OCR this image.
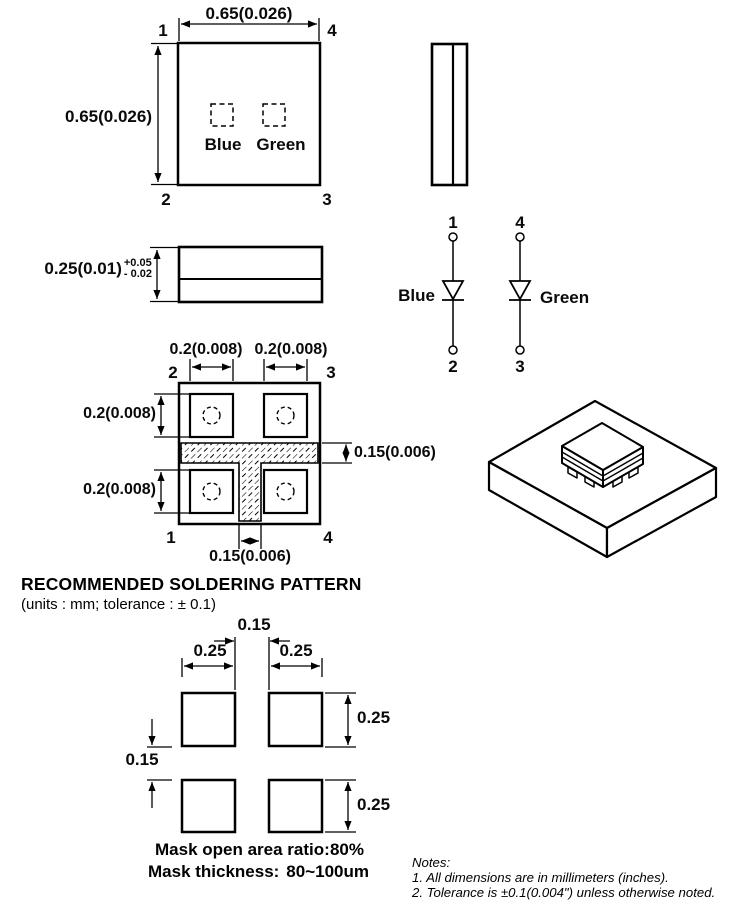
0.65(0.026)
0.65(0.026)
1	4
2	3
Blue Green
0.25(0.01) +0.05
- 0.02
1	4
2	3
Blue	Green
0.2(0.008) 0.2(0.008)
2	3
0.2(0.008)
0.2(0.008)
0.15(0.006)
0.15(0.006)
1	4
RECOMMENDED SOLDERING PATTERN
(units : mm; tolerance : ± 0.1)
0.15
0.25	0.25
0.25
0.25
0.15
Mask open area ratio: 80%
Mask thickness: 80~100um	Notes:
1. All dimensions are in millimeters (inches).
2. Tolerance is ±0.1(0.004") unless otherwise noted.
